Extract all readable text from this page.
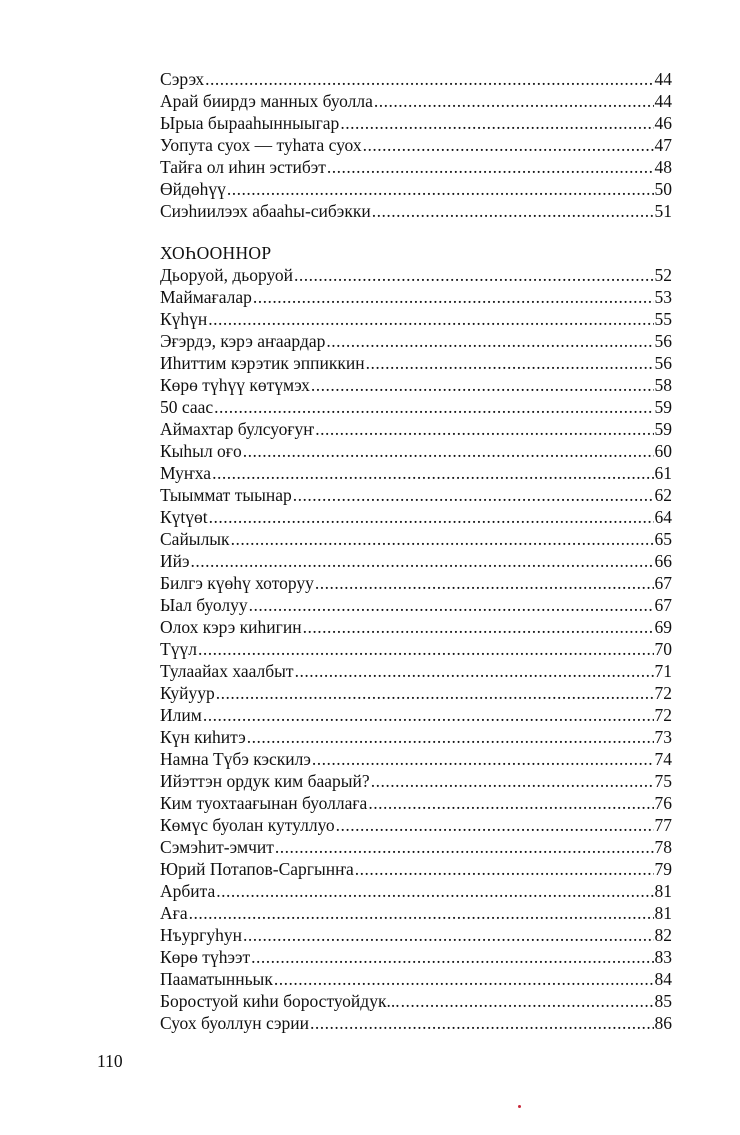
Сэрэх .....	44
Арай биирдэ манных буолла .....	44
Ырыа бырааһынныыгар .....	46
Уопута суох — туһата суох .....	47
Тайға ол иһин эстибэт .....	48
Өйдөһүү .....	50
Сиэһиилээх абааһы-сибэкки .....	51
ХОҺООННОР
Дьоруой, дьоруой .....	52
Маймaғалар .....	53
Күһүн .....	55
Эғэрдэ, кэрэ аҥаардар .....	56
Иһиттим кэрэтик эппиккин .....	56
Көрө түһүү көтүмэх .....	58
50 саас .....	59
Аймахтар булсуоғуҥ .....	59
Кыһыл оғо .....	60
Муҥха .....	61
Тыыммат тыынар .....	62
Күtүөt .....	64
Сайылык .....	65
Ийэ .....	66
Билгэ күөһү хоторуу .....	67
Ыал буолуу .....	67
Олох кэрэ киһигин .....	69
Түүл .....	70
Тулаайах хаалбыт .....	71
Куйуур .....	72
Илим .....	72
Күн киһитэ .....	73
Намна Түбэ кэскилэ .....	74
Ийэттэн ордук ким баарый? .....	75
Ким туохтаағынан буоллаға .....	76
Көмүс буолан кутуллуо .....	77
Сэмэһит-эмчит .....	78
Юрий Потапов-Саргынҥа .....	79
Арбита .....	81
Аға .....	81
Нъургуһун .....	82
Көрө түһээт .....	83
Пааматынньык .....	84
Боростуой киһи боростуойдук... .....	85
Суох буоллун сэрии .....	86
110
